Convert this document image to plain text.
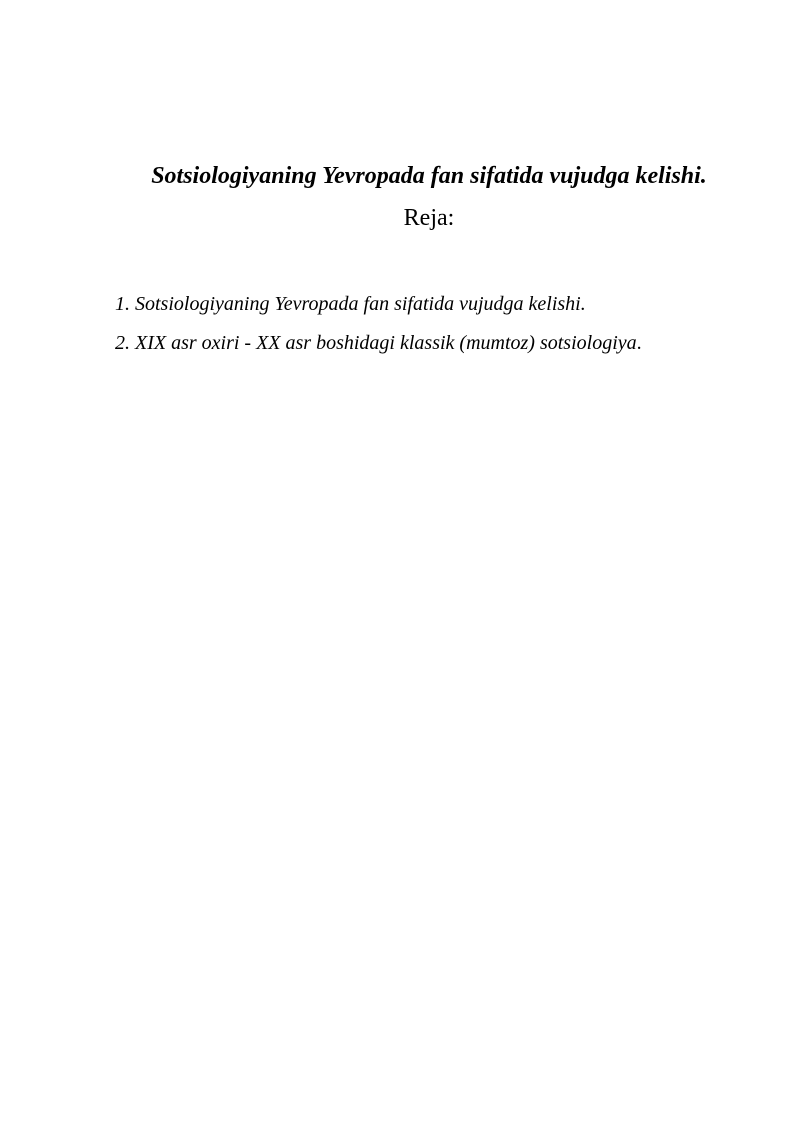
Sotsiologiyaning Yevropada fan sifatida vujudga kelishi.
Reja:
1. Sotsiologiyaning Yevropada fan sifatida vujudga kelishi.
2. XIX asr oxiri - XX asr boshidagi klassik (mumtoz) sotsiologiya.
